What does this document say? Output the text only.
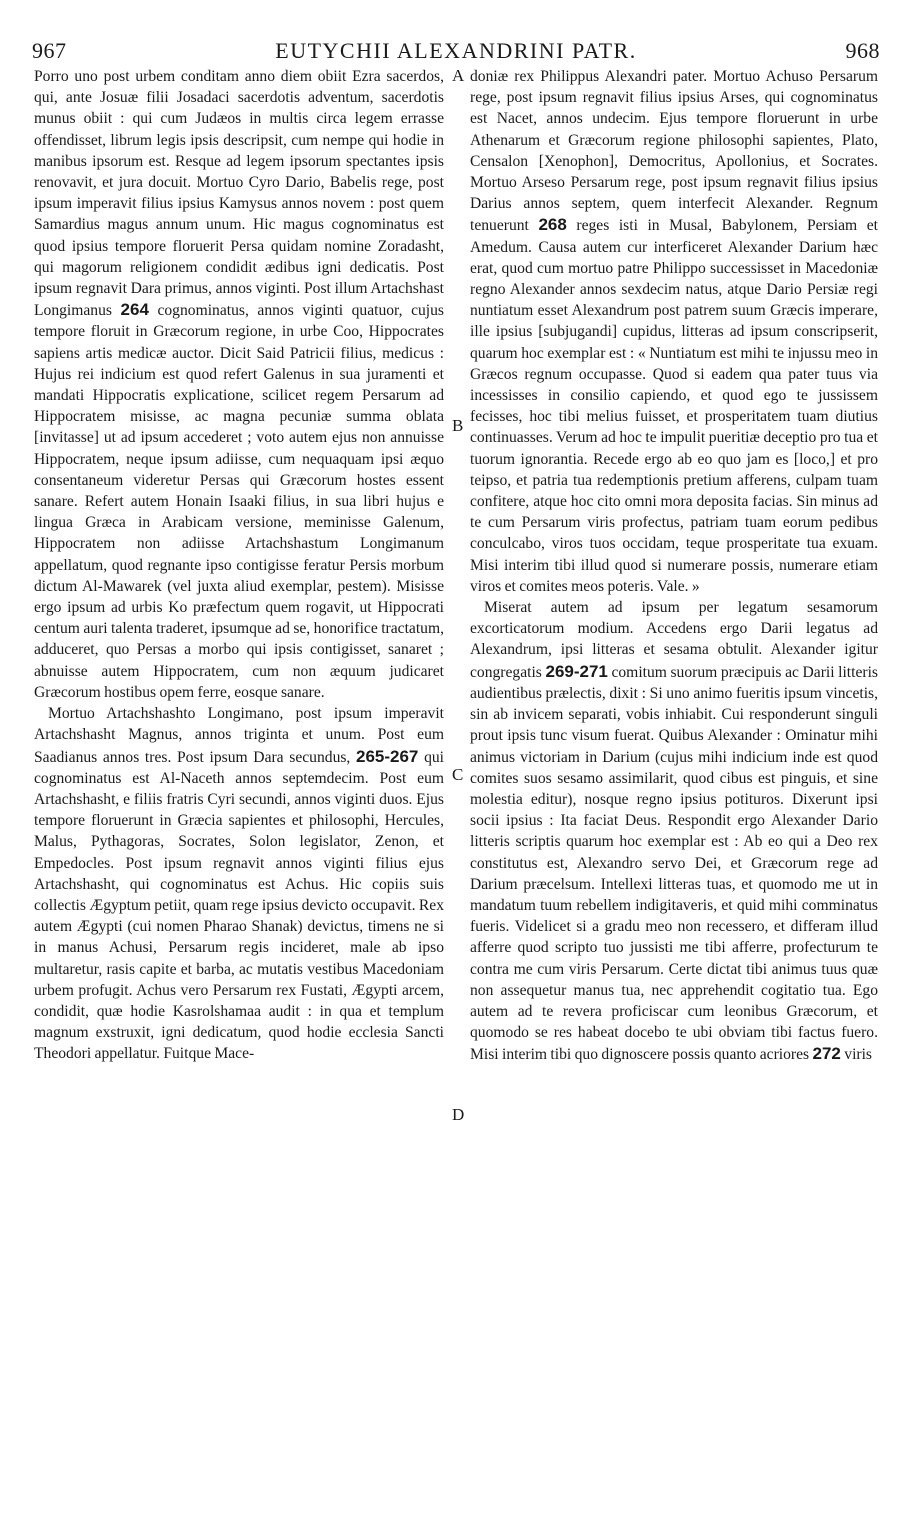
EUTYCHII ALEXANDRINI PATR.
967	968
A
B
C
D

Porro uno post urbem conditam anno diem obiit Ezra sacerdos, qui, ante Josuæ filii Josadaci sacerdotis adventum, sacerdotis munus obiit : qui cum Judæos in multis circa legem errasse offendisset, librum legis ipsis descripsit, cum nempe qui hodie in manibus ipsorum est. Resque ad legem ipsorum spectantes ipsis renovavit, et jura docuit. Mortuo Cyro Dario, Babelis rege, post ipsum imperavit filius ipsius Kamysus annos novem : post quem Samardius magus annum unum. Hic magus cognominatus est quod ipsius tempore floruerit Persa quidam nomine Zoradasht, qui magorum religionem condidit ædibus igni dedicatis. Post ipsum regnavit Dara primus, annos viginti. Post illum Artachshast Longimanus 264 cognominatus, annos viginti quatuor, cujus tempore floruit in Græcorum regione, in urbe Coo, Hippocrates sapiens artis medicæ auctor. Dicit Said Patricii filius, medicus : Hujus rei indicium est quod refert Galenus in sua juramenti et mandati Hippocratis explicatione, scilicet regem Persarum ad Hippocratem misisse, ac magna pecuniæ summa oblata [invitasse] ut ad ipsum accederet ; voto autem ejus non annuisse Hippocratem, neque ipsum adiisse, cum nequaquam ipsi æquo consentaneum videretur Persas qui Græcorum hostes essent sanare. Refert autem Honain Isaaki filius, in sua libri hujus e lingua Græca in Arabicam versione, meminisse Galenum, Hippocratem non adiisse Artachshastum Longimanum appellatum, quod regnante ipso contigisse feratur Persis morbum dictum Al-Mawarek (vel juxta aliud exemplar, pestem). Misisse ergo ipsum ad urbis Ko præfectum quem rogavit, ut Hippocrati centum auri talenta traderet, ipsumque ad se, honorifice tractatum, adduceret, quo Persas a morbo qui ipsis contigisset, sanaret ; abnuisse autem Hippocratem, cum non æquum judicaret Græcorum hostibus opem ferre, eosque sanare.

Mortuo Artachshashto Longimano, post ipsum imperavit Artachshasht Magnus, annos triginta et unum. Post eum Saadianus annos tres. Post ipsum Dara secundus, 265-267 qui cognominatus est Al-Naceth annos septemdecim. Post eum Artachshasht, e filiis fratris Cyri secundi, annos viginti duos. Ejus tempore floruerunt in Græcia sapientes et philosophi, Hercules, Malus, Pythagoras, Socrates, Solon legislator, Zenon, et Empedocles. Post ipsum regnavit annos viginti filius ejus Artachshasht, qui cognominatus est Achus. Hic copiis suis collectis Ægyptum petiit, quam rege ipsius devicto occupavit. Rex autem Ægypti (cui nomen Pharao Shanak) devictus, timens ne si in manus Achusi, Persarum regis incideret, male ab ipso multaretur, rasis capite et barba, ac mutatis vestibus Macedoniam urbem profugit. Achus vero Persarum rex Fustati, Ægypti arcem, condidit, quæ hodie Kasrolshamaa audit : in qua et templum magnum exstruxit, igni dedicatum, quod hodie ecclesia Sancti Theodori appellatur. Fuitque Mace-

doniæ rex Philippus Alexandri pater. Mortuo Achuso Persarum rege, post ipsum regnavit filius ipsius Arses, qui cognominatus est Nacet, annos undecim. Ejus tempore floruerunt in urbe Athenarum et Græcorum regione philosophi sapientes, Plato, Censalon [Xenophon], Democritus, Apollonius, et Socrates. Mortuo Arseso Persarum rege, post ipsum regnavit filius ipsius Darius annos septem, quem interfecit Alexander. Regnum tenuerunt 268 reges isti in Musal, Babylonem, Persiam et Amedum. Causa autem cur interficeret Alexander Darium hæc erat, quod cum mortuo patre Philippo successisset in Macedoniæ regno Alexander annos sexdecim natus, atque Dario Persiæ regi nuntiatum esset Alexandrum post patrem suum Græcis imperare, ille ipsius [subjugandi] cupidus, litteras ad ipsum conscripserit, quarum hoc exemplar est : « Nuntiatum est mihi te injussu meo in Græcos regnum occupasse. Quod si eadem qua pater tuus via incessisses in consilio capiendo, et quod ego te jussissem fecisses, hoc tibi melius fuisset, et prosperitatem tuam diutius continuasses. Verum ad hoc te impulit pueritiæ deceptio pro tua et tuorum ignorantia. Recede ergo ab eo quo jam es [loco,] et pro teipso, et patria tua redemptionis pretium afferens, culpam tuam confitere, atque hoc cito omni mora deposita facias. Sin minus ad te cum Persarum viris profectus, patriam tuam eorum pedibus conculcabo, viros tuos occidam, teque prosperitate tua exuam. Misi interim tibi illud quod si numerare possis, numerare etiam viros et comites meos poteris. Vale. »

Miserat autem ad ipsum per legatum sesamorum excorticatorum modium. Accedens ergo Darii legatus ad Alexandrum, ipsi litteras et sesama obtulit. Alexander igitur congregatis 269-271 comitum suorum præcipuis ac Darii litteris audientibus prælectis, dixit : Si uno animo fueritis ipsum vincetis, sin ab invicem separati, vobis inhiabit. Cui responderunt singuli prout ipsis tunc visum fuerat. Quibus Alexander : Ominatur mihi animus victoriam in Darium (cujus mihi indicium inde est quod comites suos sesamo assimilarit, quod cibus est pinguis, et sine molestia editur), nosque regno ipsius potituros. Dixerunt ipsi socii ipsius : Ita faciat Deus. Respondit ergo Alexander Dario litteris scriptis quarum hoc exemplar est : Ab eo qui a Deo rex constitutus est, Alexandro servo Dei, et Græcorum rege ad Darium præcelsum. Intellexi litteras tuas, et quomodo me ut in mandatum tuum rebellem indigitaveris, et quid mihi comminatus fueris. Videlicet si a gradu meo non recessero, et differam illud afferre quod scripto tuo jussisti me tibi afferre, profecturum te contra me cum viris Persarum. Certe dictat tibi animus tuus quæ non assequetur manus tua, nec apprehendit cogitatio tua. Ego autem ad te revera proficiscar cum leonibus Græcorum, et quomodo se res habeat docebo te ubi obviam tibi factus fuero. Misi interim tibi quo dignoscere possis quanto acriores 272 viris
